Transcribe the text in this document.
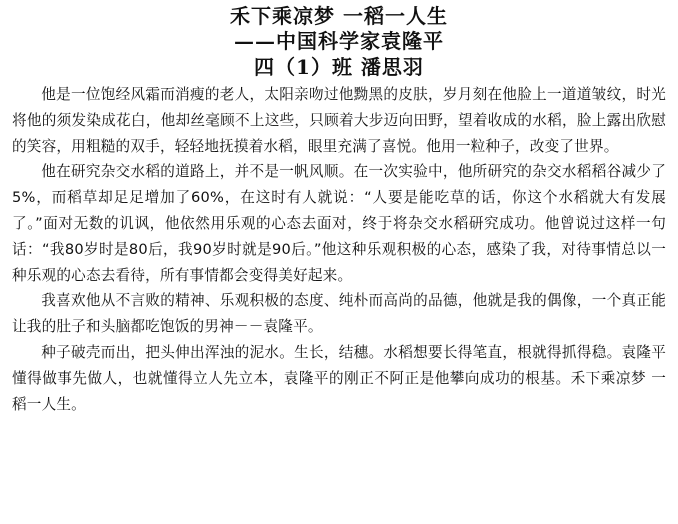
禾下乘凉梦 一稻一人生
——中国科学家袁隆平
四（1）班 潘思羽

他是一位饱经风霜而消瘦的老人，太阳亲吻过他黝黑的皮肤，岁月刻在他脸上一道道皱纹，时光将他的须发染成花白，他却丝毫顾不上这些，只顾着大步迈向田野，望着收成的水稻，脸上露出欣慰的笑容，用粗糙的双手，轻轻地抚摸着水稻，眼里充满了喜悦。他用一粒种子，改变了世界。

他在研究杂交水稻的道路上，并不是一帆风顺。在一次实验中，他所研究的杂交水稻稻谷减少了5%，而稻草却足足增加了60%，在这时有人就说：“人要是能吃草的话，你这个水稻就大有发展了。”面对无数的讥讽，他依然用乐观的心态去面对，终于将杂交水稻研究成功。他曾说过这样一句话：“我80岁时是80后，我90岁时就是90后。”他这种乐观积极的心态，感染了我，对待事情总以一种乐观的心态去看待，所有事情都会变得美好起来。

我喜欢他从不言败的精神、乐观积极的态度、纯朴而高尚的品德，他就是我的偶像，一个真正能让我的肚子和头脑都吃饱饭的男神－－袁隆平。

种子破壳而出，把头伸出浑浊的泥水。生长，结穗。水稻想要长得笔直，根就得抓得稳。袁隆平懂得做事先做人，也就懂得立人先立本，袁隆平的刚正不阿正是他攀向成功的根基。禾下乘凉梦 一稻一人生。
